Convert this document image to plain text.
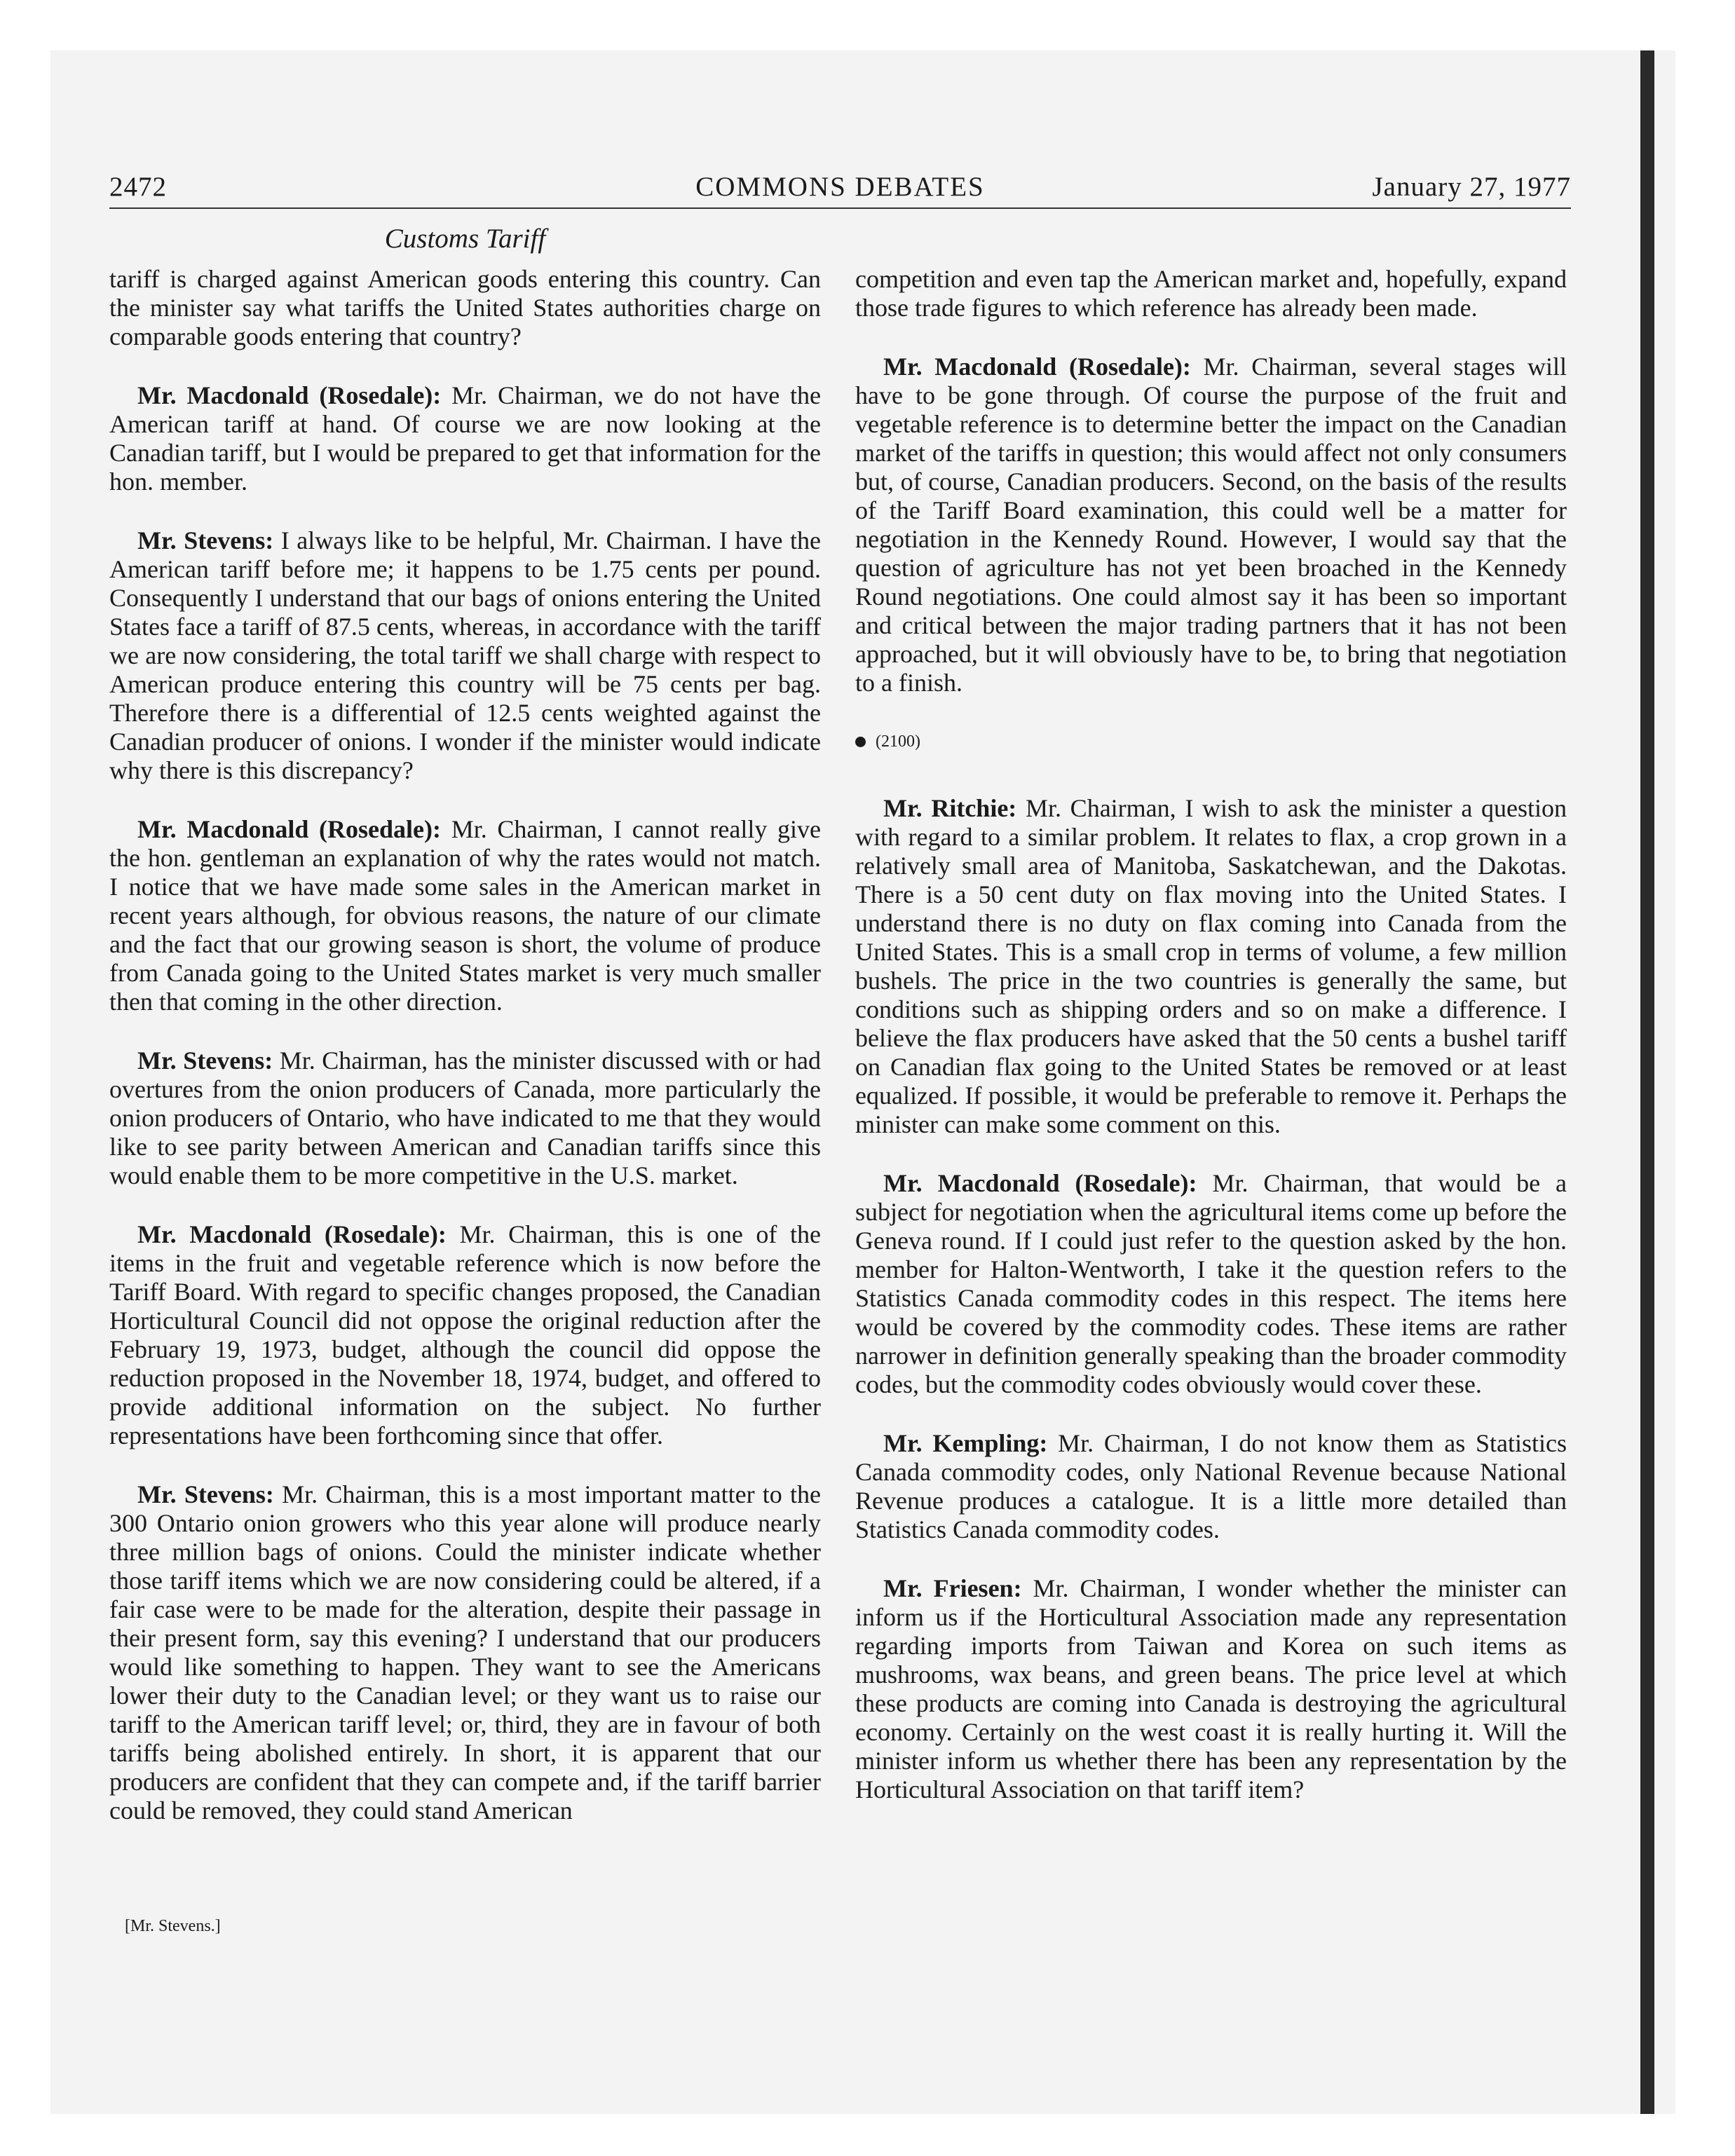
2472	COMMONS DEBATES	January 27, 1977
Customs Tariff

tariff is charged against American goods entering this country. Can the minister say what tariffs the United States authorities charge on comparable goods entering that country?

Mr. Macdonald (Rosedale): Mr. Chairman, we do not have the American tariff at hand. Of course we are now looking at the Canadian tariff, but I would be prepared to get that information for the hon. member.

Mr. Stevens: I always like to be helpful, Mr. Chairman. I have the American tariff before me; it happens to be 1.75 cents per pound. Consequently I understand that our bags of onions entering the United States face a tariff of 87.5 cents, whereas, in accordance with the tariff we are now considering, the total tariff we shall charge with respect to American produce entering this country will be 75 cents per bag. Therefore there is a differential of 12.5 cents weighted against the Canadian producer of onions. I wonder if the minister would indicate why there is this discrepancy?

Mr. Macdonald (Rosedale): Mr. Chairman, I cannot really give the hon. gentleman an explanation of why the rates would not match. I notice that we have made some sales in the American market in recent years although, for obvious reasons, the nature of our climate and the fact that our growing season is short, the volume of produce from Canada going to the United States market is very much smaller then that coming in the other direction.

Mr. Stevens: Mr. Chairman, has the minister discussed with or had overtures from the onion producers of Canada, more particularly the onion producers of Ontario, who have indicated to me that they would like to see parity between American and Canadian tariffs since this would enable them to be more competitive in the U.S. market.

Mr. Macdonald (Rosedale): Mr. Chairman, this is one of the items in the fruit and vegetable reference which is now before the Tariff Board. With regard to specific changes proposed, the Canadian Horticultural Council did not oppose the original reduction after the February 19, 1973, budget, although the council did oppose the reduction proposed in the November 18, 1974, budget, and offered to provide additional information on the subject. No further representations have been forthcoming since that offer.

Mr. Stevens: Mr. Chairman, this is a most important matter to the 300 Ontario onion growers who this year alone will produce nearly three million bags of onions. Could the minister indicate whether those tariff items which we are now considering could be altered, if a fair case were to be made for the alteration, despite their passage in their present form, say this evening? I understand that our producers would like something to happen. They want to see the Americans lower their duty to the Canadian level; or they want us to raise our tariff to the American tariff level; or, third, they are in favour of both tariffs being abolished entirely. In short, it is apparent that our producers are confident that they can compete and, if the tariff barrier could be removed, they could stand American

[Mr. Stevens.]

competition and even tap the American market and, hopefully, expand those trade figures to which reference has already been made.

Mr. Macdonald (Rosedale): Mr. Chairman, several stages will have to be gone through. Of course the purpose of the fruit and vegetable reference is to determine better the impact on the Canadian market of the tariffs in question; this would affect not only consumers but, of course, Canadian producers. Second, on the basis of the results of the Tariff Board examination, this could well be a matter for negotiation in the Kennedy Round. However, I would say that the question of agriculture has not yet been broached in the Kennedy Round negotiations. One could almost say it has been so important and critical between the major trading partners that it has not been approached, but it will obviously have to be, to bring that negotiation to a finish.

(2100)

Mr. Ritchie: Mr. Chairman, I wish to ask the minister a question with regard to a similar problem. It relates to flax, a crop grown in a relatively small area of Manitoba, Saskatchewan, and the Dakotas. There is a 50 cent duty on flax moving into the United States. I understand there is no duty on flax coming into Canada from the United States. This is a small crop in terms of volume, a few million bushels. The price in the two countries is generally the same, but conditions such as shipping orders and so on make a difference. I believe the flax producers have asked that the 50 cents a bushel tariff on Canadian flax going to the United States be removed or at least equalized. If possible, it would be preferable to remove it. Perhaps the minister can make some comment on this.

Mr. Macdonald (Rosedale): Mr. Chairman, that would be a subject for negotiation when the agricultural items come up before the Geneva round. If I could just refer to the question asked by the hon. member for Halton-Wentworth, I take it the question refers to the Statistics Canada commodity codes in this respect. The items here would be covered by the commodity codes. These items are rather narrower in definition generally speaking than the broader commodity codes, but the commodity codes obviously would cover these.

Mr. Kempling: Mr. Chairman, I do not know them as Statistics Canada commodity codes, only National Revenue because National Revenue produces a catalogue. It is a little more detailed than Statistics Canada commodity codes.

Mr. Friesen: Mr. Chairman, I wonder whether the minister can inform us if the Horticultural Association made any representation regarding imports from Taiwan and Korea on such items as mushrooms, wax beans, and green beans. The price level at which these products are coming into Canada is destroying the agricultural economy. Certainly on the west coast it is really hurting it. Will the minister inform us whether there has been any representation by the Horticultural Association on that tariff item?
